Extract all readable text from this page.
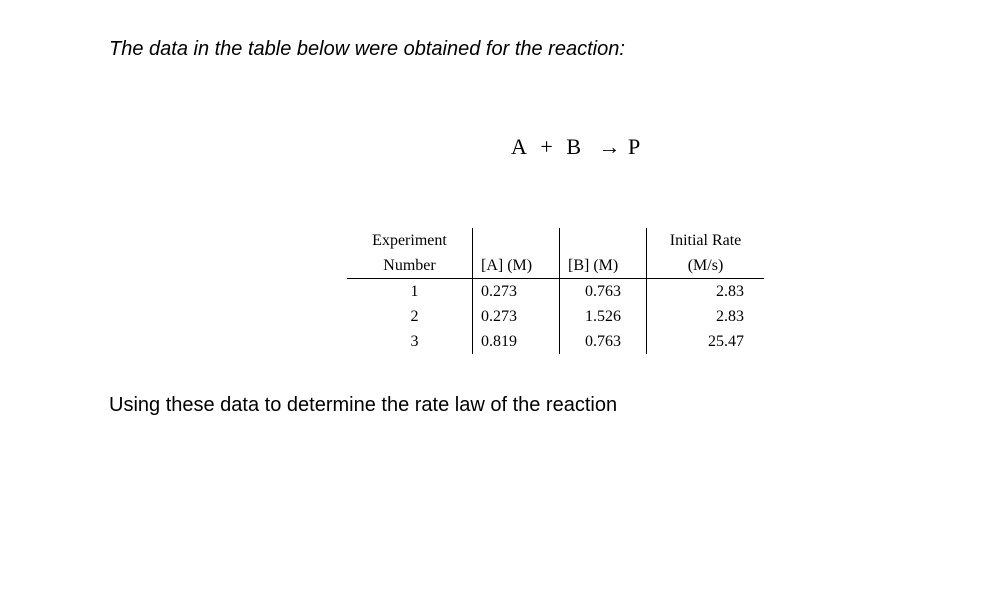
The data in the table below were obtained for the reaction:
A + B → P
Experiment			Initial Rate
Number	[A] (M)	[B] (M)	(M/s)
1	0.273	0.763	2.83
2	0.273	1.526	2.83
3	0.819	0.763	25.47
Using these data to determine the rate law of the reaction
